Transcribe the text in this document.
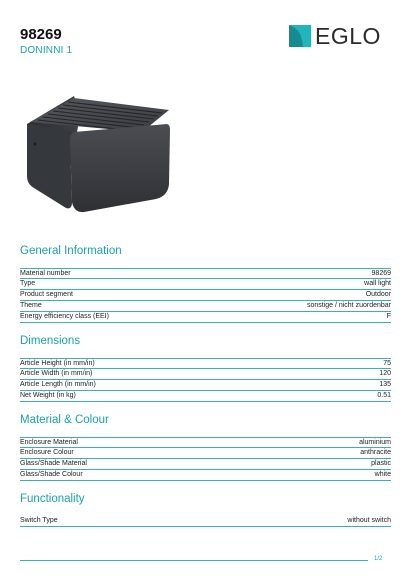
98269
DONINNI 1
EGLO
General Information
Material number	98269
Type	wall light
Product segment	Outdoor
Theme	sonstige / nicht zuordenbar
Energy efficiency class (EEI)	F
Dimensions
Article Height (in mm/in)	75
Article Width (in mm/in)	120
Article Length (in mm/in)	135
Net Weight (in kg)	0.51
Material & Colour
Enclosure Material	aluminium
Enclosure Colour	anthracite
Glass/Shade Material	plastic
Glass/Shade Colour	white
Functionality
Switch Type	without switch
1/2
